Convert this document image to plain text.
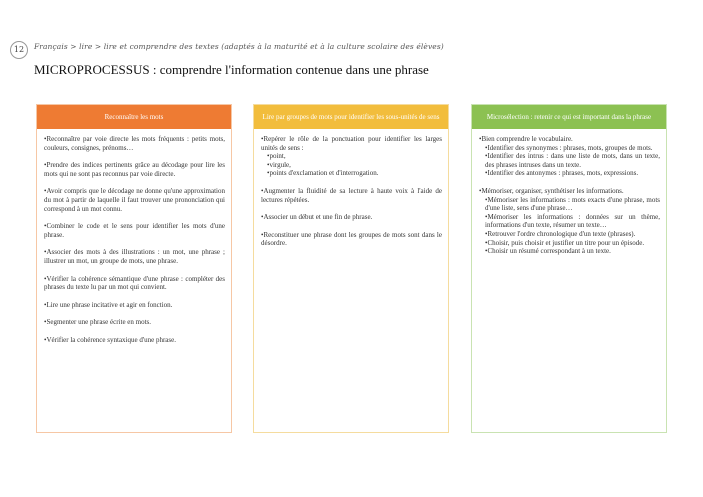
12	Français > lire > lire et comprendre des textes (adaptés à la maturité et à la culture scolaire des élèves)
MICROPROCESSUS : comprendre l'information contenue dans une phrase
Reconnaître les mots
•Reconnaître par voie directe les mots fréquents : petits mots, couleurs, consignes, prénoms…
•Prendre des indices pertinents grâce au décodage pour lire les mots qui ne sont pas reconnus par voie directe.
•Avoir compris que le décodage ne donne qu'une approximation du mot à partir de laquelle il faut trouver une prononciation qui correspond à un mot connu.
•Combiner le code et le sens pour identifier les mots d'une phrase.
•Associer des mots à des illustrations : un mot, une phrase ; illustrer un mot, un groupe de mots, une phrase.
•Vérifier la cohérence sémantique d'une phrase : compléter des phrases du texte lu par un mot qui convient.
•Lire une phrase incitative et agir en fonction.
•Segmenter une phrase écrite en mots.
•Vérifier la cohérence syntaxique d'une phrase.
Lire par groupes de mots pour identifier les sous-unités de sens
•Repérer le rôle de la ponctuation pour identifier les larges unités de sens :
•point,
•virgule,
•points d'exclamation et d'interrogation.
•Augmenter la fluidité de sa lecture à haute voix à l'aide de lectures répétées.
•Associer un début et une fin de phrase.
•Reconstituer une phrase dont les groupes de mots sont dans le désordre.
Microsélection : retenir ce qui est important dans la phrase
•Bien comprendre le vocabulaire.
•Identifier des synonymes : phrases, mots, groupes de mots.
•Identifier des intrus : dans une liste de mots, dans un texte, des phrases intruses dans un texte.
•Identifier des antonymes : phrases, mots, expressions.
•Mémoriser, organiser, synthétiser les informations.
•Mémoriser les informations : mots exacts d'une phrase, mots d'une liste, sens d'une phrase…
•Mémoriser les informations : données sur un thème, informations d'un texte, résumer un texte…
•Retrouver l'ordre chronologique d'un texte (phrases).
•Choisir, puis choisir et justifier un titre pour un épisode.
•Choisir un résumé correspondant à un texte.
